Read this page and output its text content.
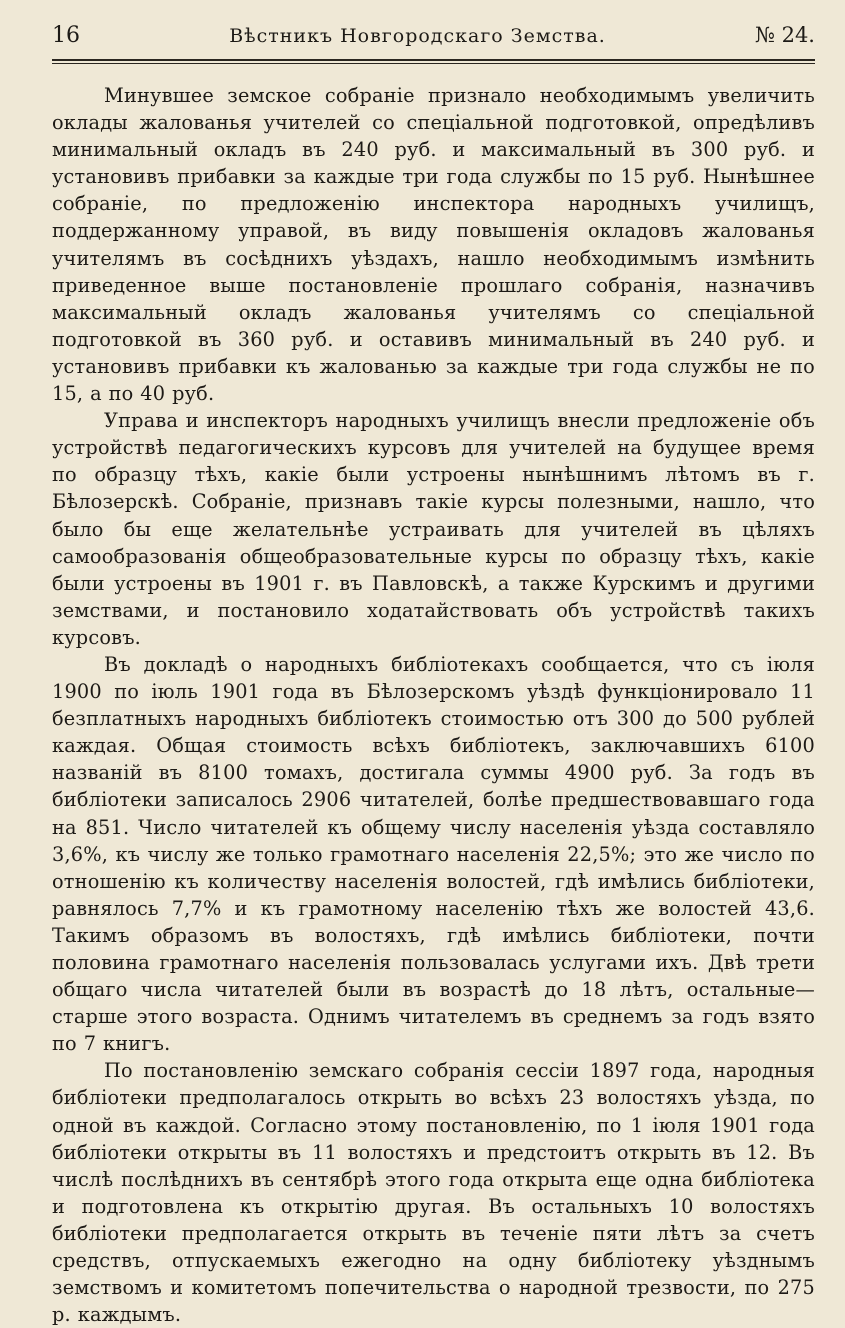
16	Вѣстникъ Новгородскаго Земства.	№ 24.

Минувшее земское собраніе признало необходимымъ увеличить оклады жалованья учителей со спеціальной подготовкой, опредѣливъ минимальный окладъ въ 240 руб. и максимальный въ 300 руб. и установивъ прибавки за каждые три года службы по 15 руб. Нынѣшнее собраніе, по предложенію инспектора народныхъ училищъ, поддержанному управой, въ виду повышенія окладовъ жалованья учителямъ въ сосѣднихъ уѣздахъ, нашло необходимымъ измѣнить приведенное выше постановленіе прошлаго собранія, назначивъ максимальный окладъ жалованья учителямъ со спеціальной подготовкой въ 360 руб. и оставивъ минимальный въ 240 руб. и установивъ прибавки къ жалованью за каждые три года службы не по 15, а по 40 руб.

Управа и инспекторъ народныхъ училищъ внесли предложеніе объ устройствѣ педагогическихъ курсовъ для учителей на будущее время по образцу тѣхъ, какіе были устроены нынѣшнимъ лѣтомъ въ г. Бѣлозерскѣ. Собраніе, признавъ такіе курсы полезными, нашло, что было бы еще желательнѣе устраивать для учителей въ цѣляхъ самообразованія общеобразовательные курсы по образцу тѣхъ, какіе были устроены въ 1901 г. въ Павловскѣ, а также Курскимъ и другими земствами, и постановило ходатайствовать объ устройствѣ такихъ курсовъ.

Въ докладѣ о народныхъ библіотекахъ сообщается, что съ іюля 1900 по іюль 1901 года въ Бѣлозерскомъ уѣздѣ функціонировало 11 безплатныхъ народныхъ библіотекъ стоимостью отъ 300 до 500 рублей каждая. Общая стоимость всѣхъ библіотекъ, заключавшихъ 6100 названій въ 8100 томахъ, достигала суммы 4900 руб. За годъ въ библіотеки записалось 2906 читателей, болѣе предшествовавшаго года на 851. Число читателей къ общему числу населенія уѣзда составляло 3,6%, къ числу же только грамотнаго населенія 22,5%; это же число по отношенію къ количеству населенія волостей, гдѣ имѣлись библіотеки, равнялось 7,7% и къ грамотному населенію тѣхъ же волостей 43,6. Такимъ образомъ въ волостяхъ, гдѣ имѣлись библіотеки, почти половина грамотнаго населенія пользовалась услугами ихъ. Двѣ трети общаго числа читателей были въ возрастѣ до 18 лѣтъ, остальные— старше этого возраста. Однимъ читателемъ въ среднемъ за годъ взято по 7 книгъ.

По постановленію земскаго собранія сессіи 1897 года, народныя библіотеки предполагалось открыть во всѣхъ 23 волостяхъ уѣзда, по одной въ каждой. Согласно этому постановленію, по 1 іюля 1901 года библіотеки открыты въ 11 волостяхъ и предстоитъ открыть въ 12. Въ числѣ послѣднихъ въ сентябрѣ этого года открыта еще одна библіотека и подготовлена къ открытію другая. Въ остальныхъ 10 волостяхъ библіотеки предполагается открыть въ теченіе пяти лѣтъ за счетъ средствъ, отпускаемыхъ ежегодно на одну библіотеку уѣзднымъ земствомъ и комитетомъ попечительства о народной трезвости, по 275 р. каждымъ.
